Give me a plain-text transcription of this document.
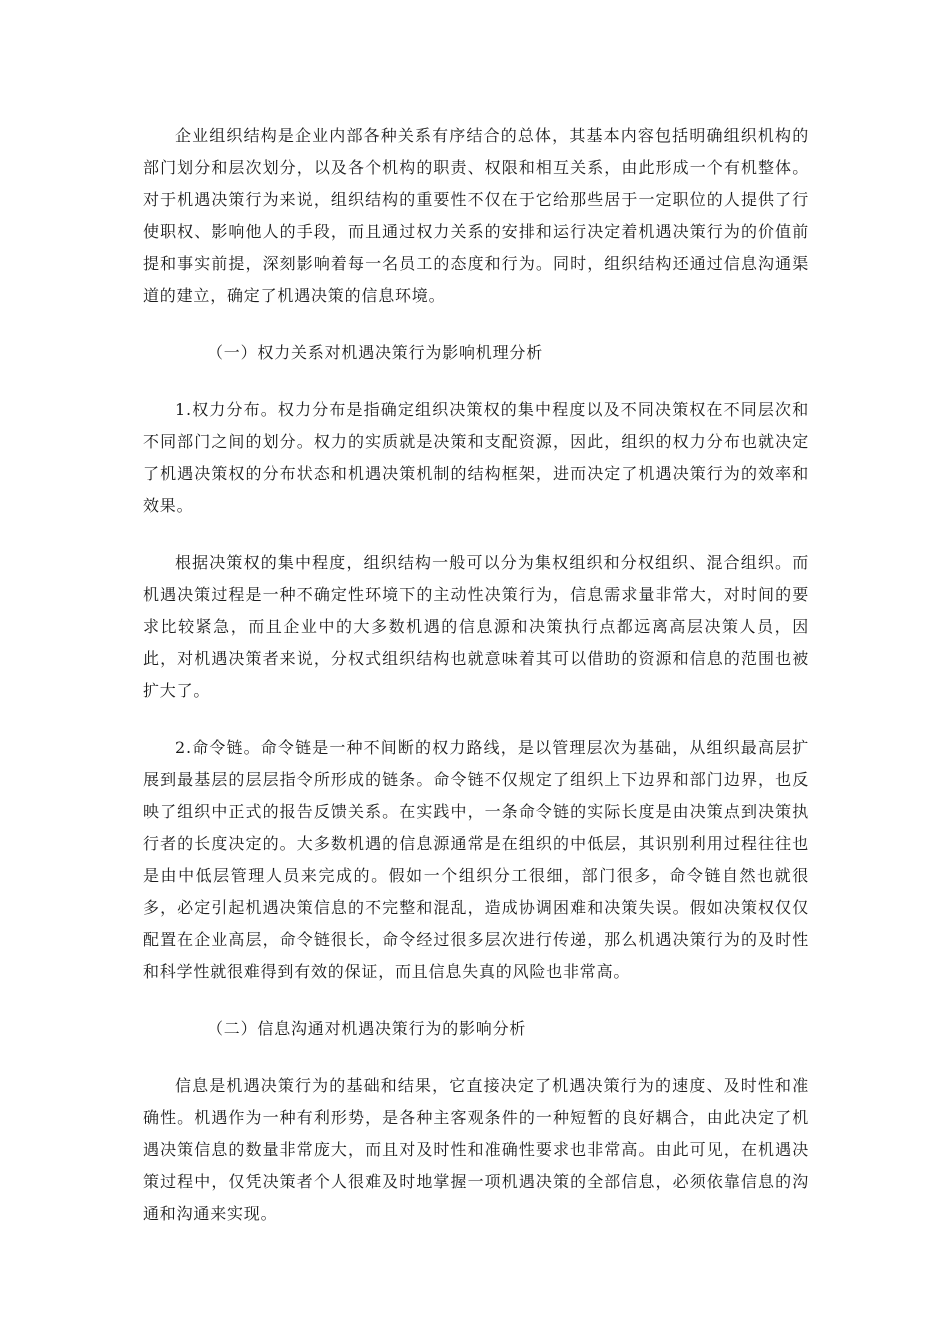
企业组织结构是企业内部各种关系有序结合的总体，其基本内容包括明确组织机构的部门划分和层次划分，以及各个机构的职责、权限和相互关系，由此形成一个有机整体。对于机遇决策行为来说，组织结构的重要性不仅在于它给那些居于一定职位的人提供了行使职权、影响他人的手段，而且通过权力关系的安排和运行决定着机遇决策行为的价值前提和事实前提，深刻影响着每一名员工的态度和行为。同时，组织结构还通过信息沟通渠道的建立，确定了机遇决策的信息环境。

（一）权力关系对机遇决策行为影响机理分析

1.权力分布。权力分布是指确定组织决策权的集中程度以及不同决策权在不同层次和不同部门之间的划分。权力的实质就是决策和支配资源，因此，组织的权力分布也就决定了机遇决策权的分布状态和机遇决策机制的结构框架，进而决定了机遇决策行为的效率和效果。

根据决策权的集中程度，组织结构一般可以分为集权组织和分权组织、混合组织。而机遇决策过程是一种不确定性环境下的主动性决策行为，信息需求量非常大，对时间的要求比较紧急，而且企业中的大多数机遇的信息源和决策执行点都远离高层决策人员，因此，对机遇决策者来说，分权式组织结构也就意味着其可以借助的资源和信息的范围也被扩大了。

2.命令链。命令链是一种不间断的权力路线，是以管理层次为基础，从组织最高层扩展到最基层的层层指令所形成的链条。命令链不仅规定了组织上下边界和部门边界，也反映了组织中正式的报告反馈关系。在实践中，一条命令链的实际长度是由决策点到决策执行者的长度决定的。大多数机遇的信息源通常是在组织的中低层，其识别利用过程往往也是由中低层管理人员来完成的。假如一个组织分工很细，部门很多，命令链自然也就很多，必定引起机遇决策信息的不完整和混乱，造成协调困难和决策失误。假如决策权仅仅配置在企业高层，命令链很长，命令经过很多层次进行传递，那么机遇决策行为的及时性和科学性就很难得到有效的保证，而且信息失真的风险也非常高。

（二）信息沟通对机遇决策行为的影响分析

信息是机遇决策行为的基础和结果，它直接决定了机遇决策行为的速度、及时性和准确性。机遇作为一种有利形势，是各种主客观条件的一种短暂的良好耦合，由此决定了机遇决策信息的数量非常庞大，而且对及时性和准确性要求也非常高。由此可见，在机遇决策过程中，仅凭决策者个人很难及时地掌握一项机遇决策的全部信息，必须依靠信息的沟通和沟通来实现。
